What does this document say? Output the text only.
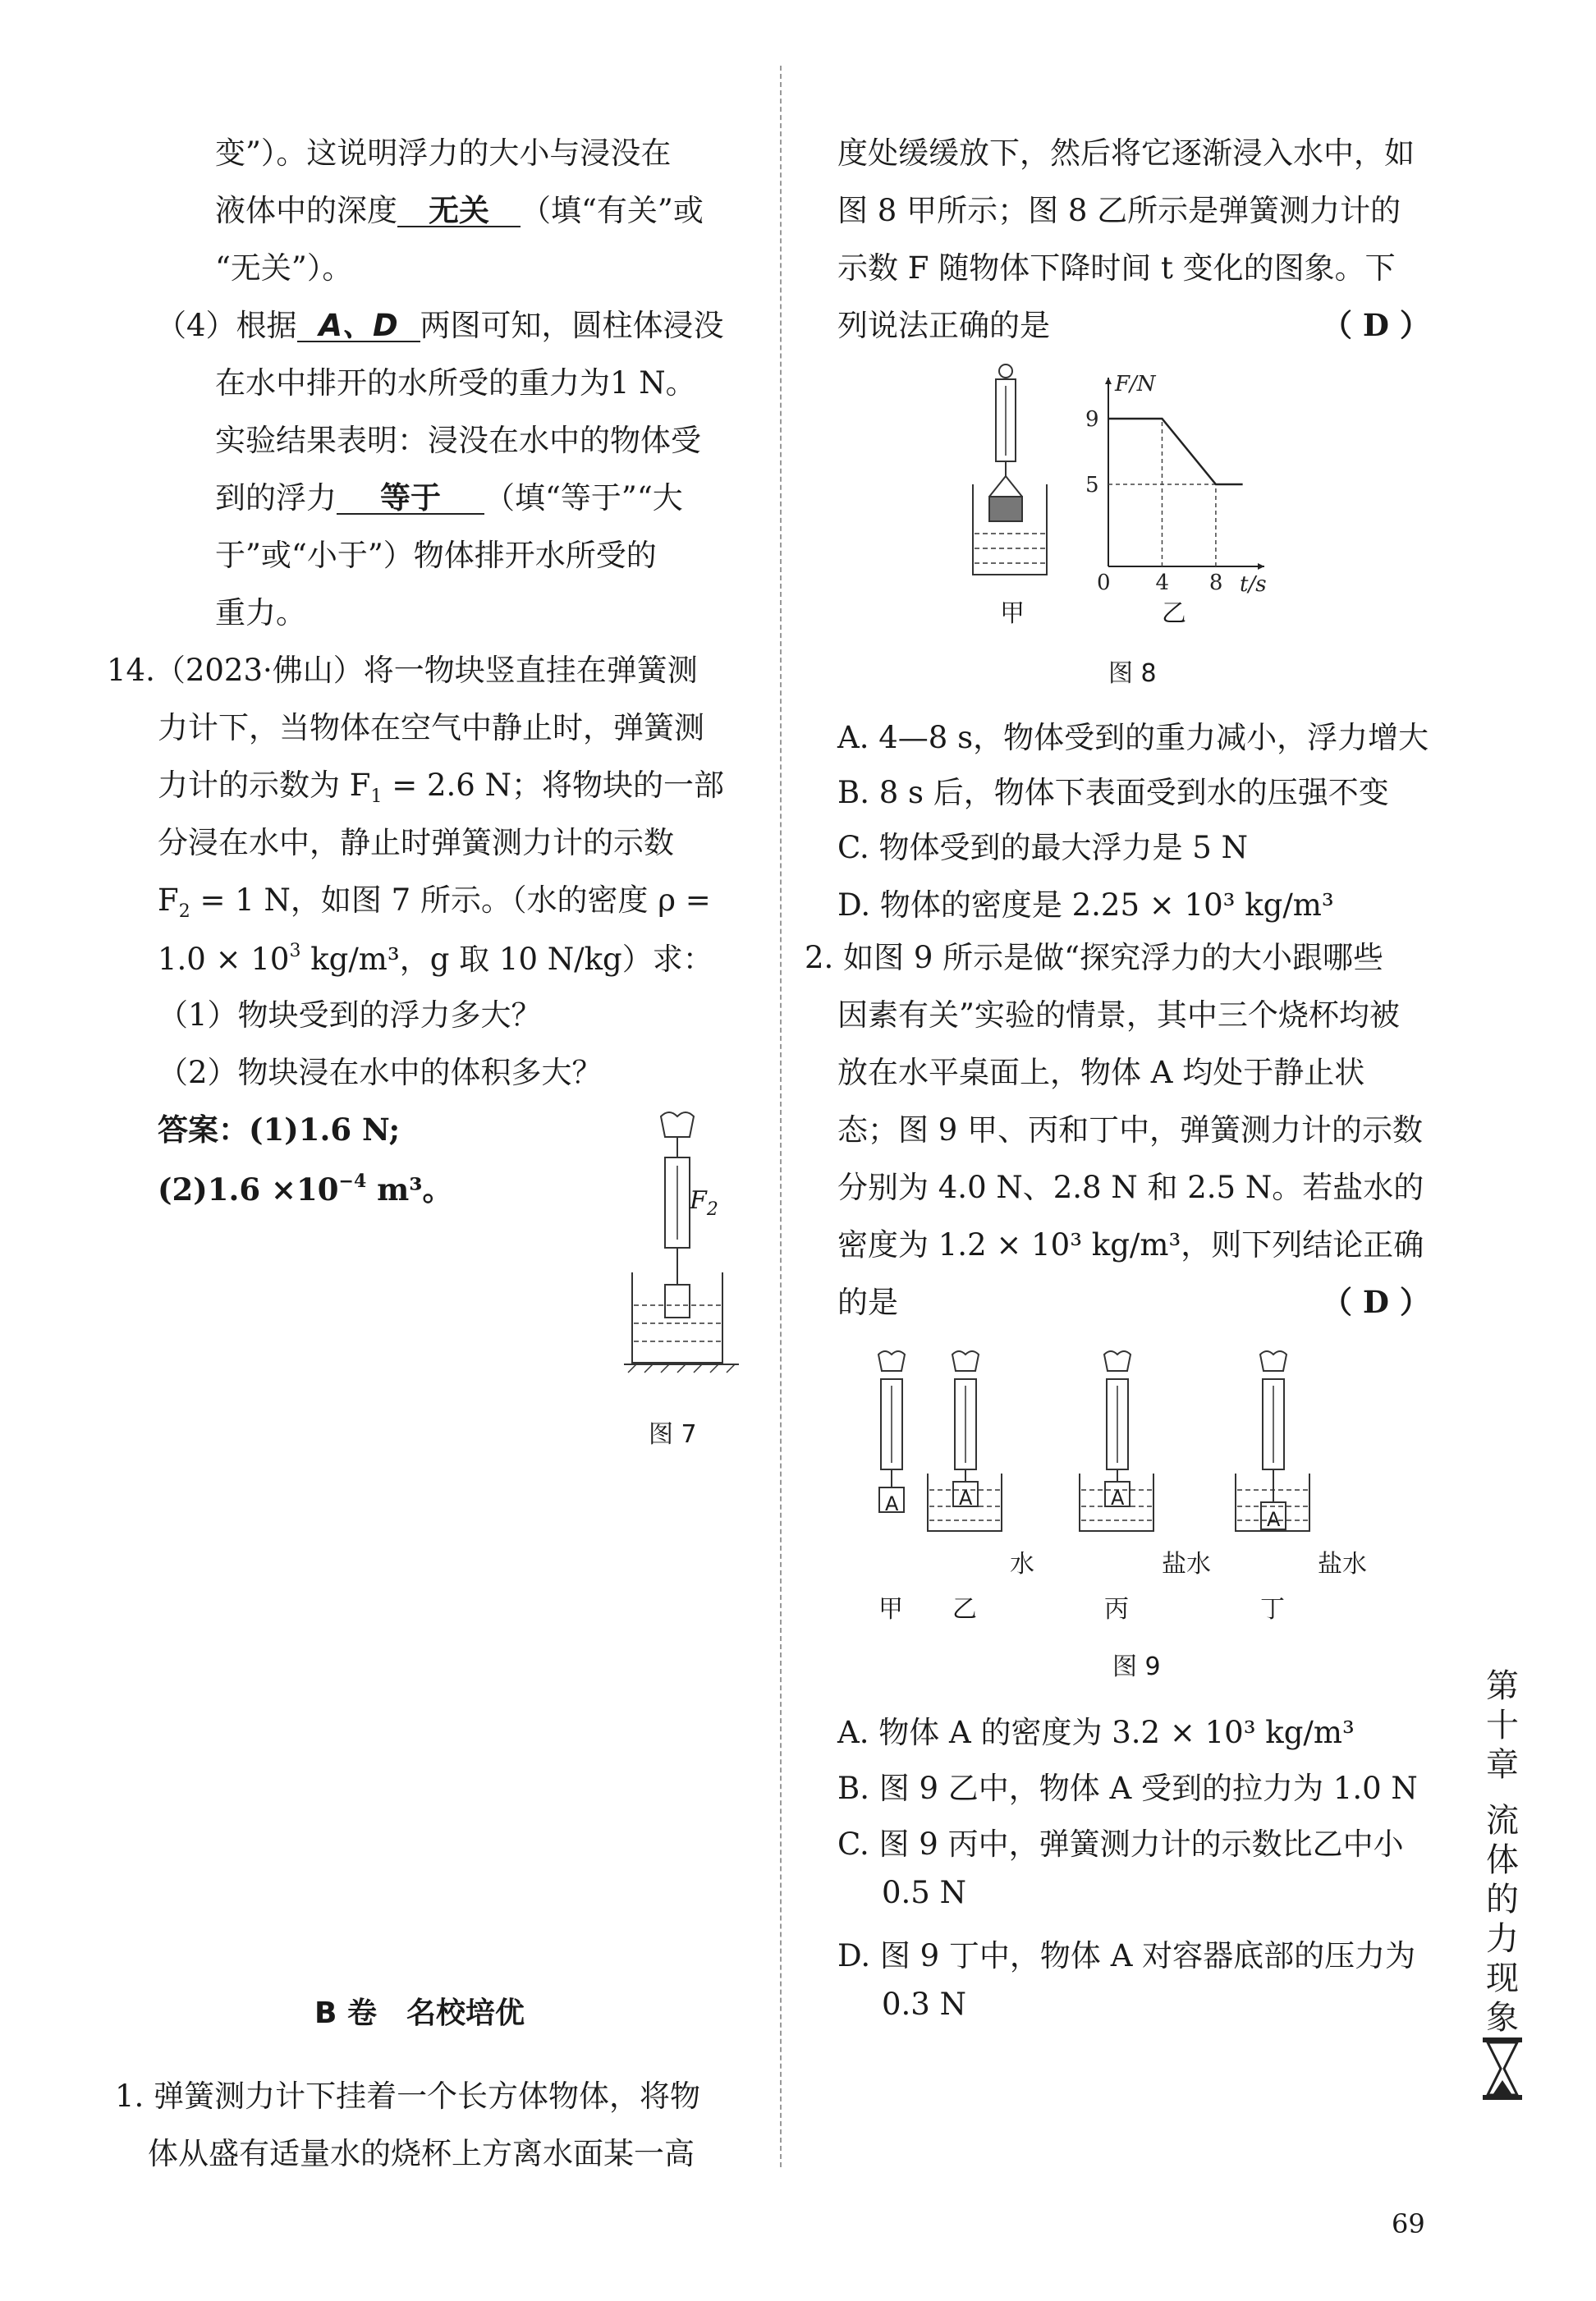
变”）。这说明浮力的大小与浸没在
液体中的深度 无关 （填“有关”或
“无关”）。
（4）根据 A、D 两图可知，圆柱体浸没
在水中排开的水所受的重力为1 N。
实验结果表明：浸没在水中的物体受
到的浮力 等于 （填“等于”“大
于”或“小于”）物体排开水所受的
重力。
14.（2023·佛山）将一物块竖直挂在弹簧测
力计下，当物体在空气中静止时，弹簧测
力计的示数为 $F_1 = 2.6$ N；将物块的一部
分浸在水中，静止时弹簧测力计的示数
$F_2 = 1$ N，如图 7 所示。（水的密度 ρ =
$1.0 \times 10^3$ kg/m³，g 取 10 N/kg）求：
（1）物块受到的浮力多大？
（2）物块浸在水中的体积多大？
答案：(1)1.6 N;
$(2)1.6 \times 10^{-4}$ m³。	$F_2$
图 7
B 卷　名校培优
1. 弹簧测力计下挂着一个长方体物体，将物
体从盛有适量水的烧杯上方离水面某一高
度处缓缓放下，然后将它逐渐浸入水中，如
图 8 甲所示；图 8 乙所示是弹簧测力计的
示数 F 随物体下降时间 t 变化的图象。下
列说法正确的是	（ D ）
甲
0 4 8
5
9
t/s
F/N
乙
图 8
A. 4—8 s，物体受到的重力减小，浮力增大
B. 8 s 后，物体下表面受到水的压强不变
C. 物体受到的最大浮力是 5 N
D. 物体的密度是 2.25 × 10³ kg/m³
2. 如图 9 所示是做“探究浮力的大小跟哪些
因素有关”实验的情景，其中三个烧杯均被
放在水平桌面上，物体 A 均处于静止状
态；图 9 甲、丙和丁中，弹簧测力计的示数
分别为 4.0 N、2.8 N 和 2.5 N。若盐水的
密度为 1.2 × 10³ kg/m³，则下列结论正确
的是	（ D ）
A	A	A
A
水	盐水	盐水
甲 乙	丙	丁
图 9
A. 物体 A 的密度为 3.2 × 10³ kg/m³
B. 图 9 乙中，物体 A 受到的拉力为 1.0 N
C. 图 9 丙中，弹簧测力计的示数比乙中小
0.5 N
D. 图 9 丁中，物体 A 对容器底部的压力为
0.3 N
第十章
流体的力现象
69
